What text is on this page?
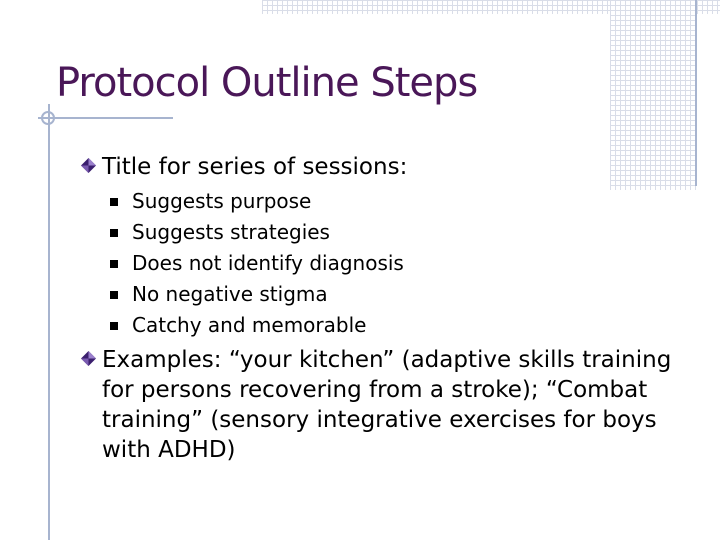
Protocol Outline Steps
Title for series of sessions:
Suggests purpose
Suggests strategies
Does not identify diagnosis
No negative stigma
Catchy and memorable
Examples: “your kitchen” (adaptive skills training for persons recovering from a stroke); “Combat training” (sensory integrative exercises for boys with ADHD)
